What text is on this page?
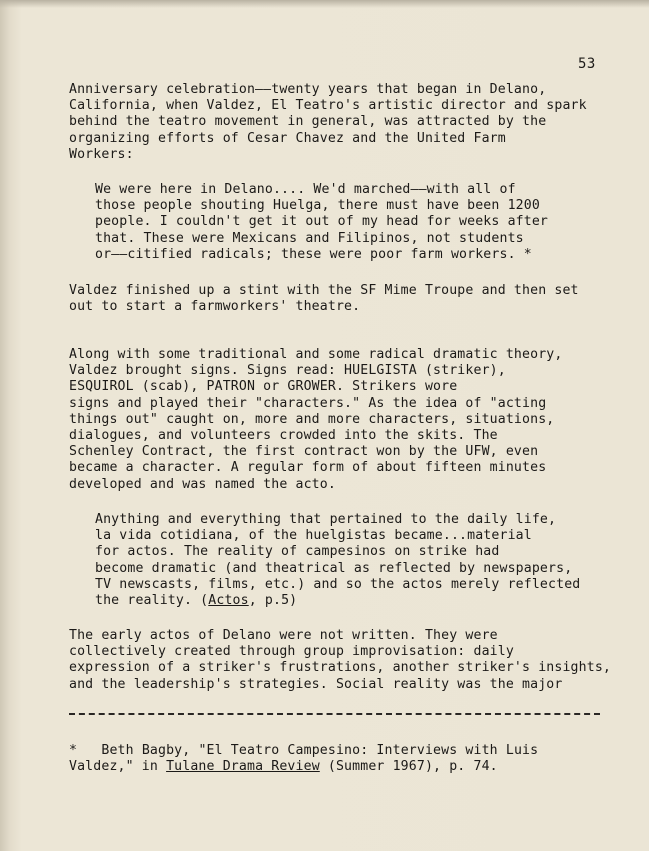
53

Anniversary celebration——twenty years that began in Delano,
California, when Valdez, El Teatro's artistic director and spark
behind the teatro movement in general, was attracted by the
organizing efforts of Cesar Chavez and the United Farm
Workers:

We were here in Delano.... We'd marched——with all of
those people shouting Huelga, there must have been 1200
people. I couldn't get it out of my head for weeks after
that. These were Mexicans and Filipinos, not students
or——citified radicals; these were poor farm workers. *

Valdez finished up a stint with the SF Mime Troupe and then set
out to start a farmworkers' theatre.

Along with some traditional and some radical dramatic theory,
Valdez brought signs. Signs read: HUELGISTA (striker),
ESQUIROL (scab), PATRON or GROWER. Strikers wore
signs and played their "characters." As the idea of "acting
things out" caught on, more and more characters, situations,
dialogues, and volunteers crowded into the skits. The
Schenley Contract, the first contract won by the UFW, even
became a character. A regular form of about fifteen minutes
developed and was named the acto.

Anything and everything that pertained to the daily life,
la vida cotidiana, of the huelgistas became...material
for actos. The reality of campesinos on strike had
become dramatic (and theatrical as reflected by newspapers,
TV newscasts, films, etc.) and so the actos merely reflected
the reality. (Actos, p.5)

The early actos of Delano were not written. They were
collectively created through group improvisation: daily
expression of a striker's frustrations, another striker's insights,
and the leadership's strategies. Social reality was the major

* Beth Bagby, "El Teatro Campesino: Interviews with Luis
Valdez," in Tulane Drama Review (Summer 1967), p. 74.
